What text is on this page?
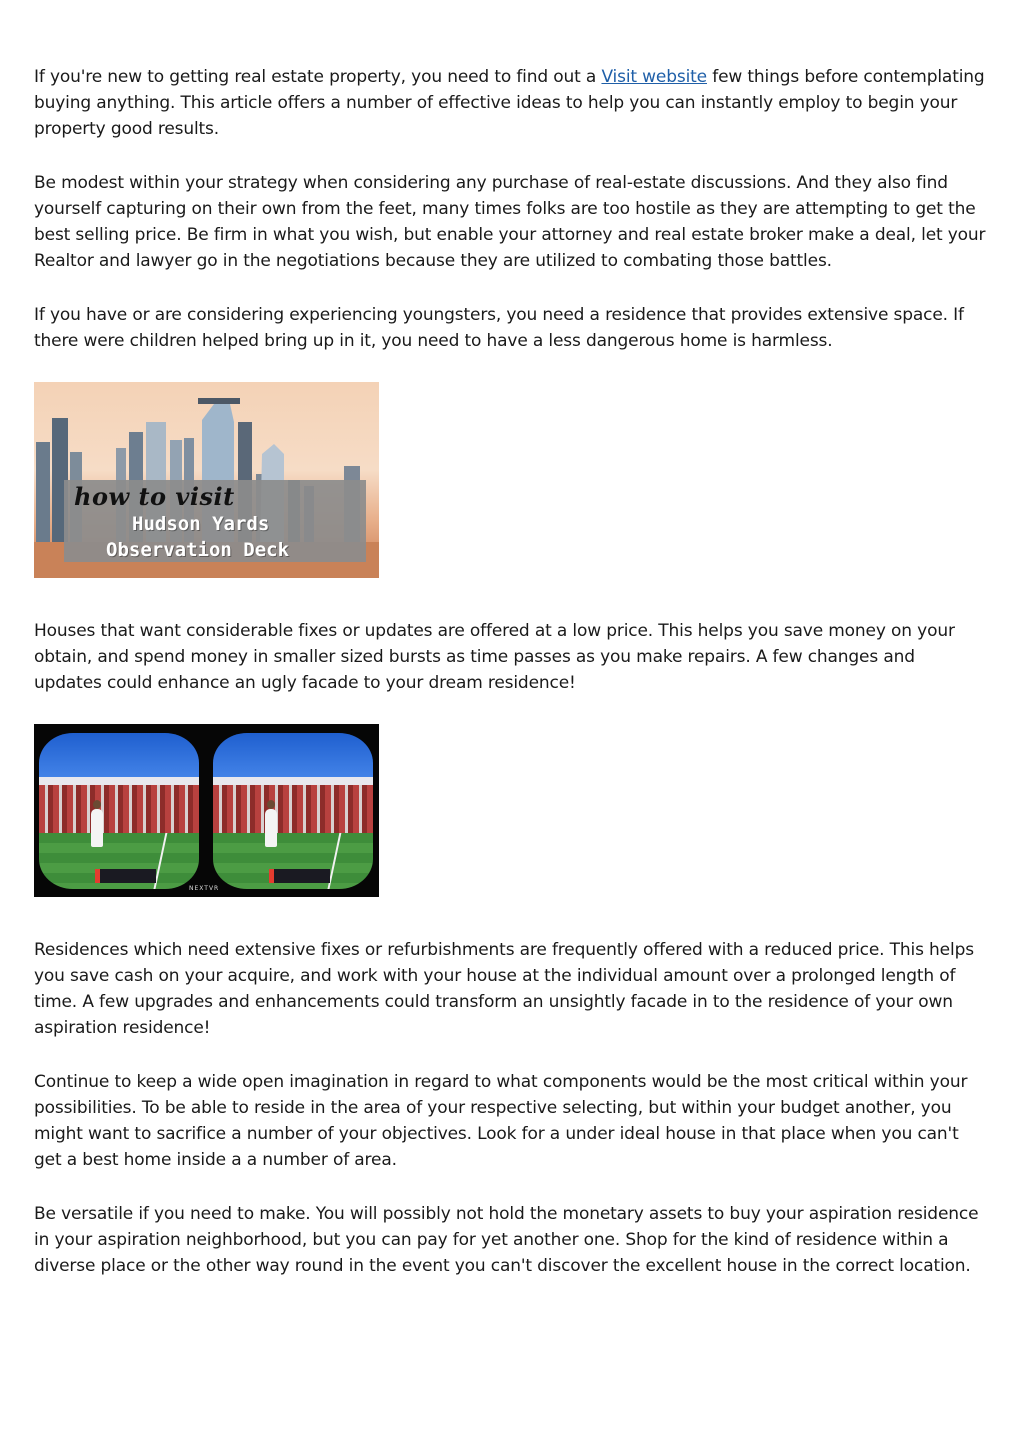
If you're new to getting real estate property, you need to find out a Visit website few things before contemplating buying anything. This article offers a number of effective ideas to help you can instantly employ to begin your property good results.

Be modest within your strategy when considering any purchase of real-estate discussions. And they also find yourself capturing on their own from the feet, many times folks are too hostile as they are attempting to get the best selling price. Be firm in what you wish, but enable your attorney and real estate broker make a deal, let your Realtor and lawyer go in the negotiations because they are utilized to combating those battles.

If you have or are considering experiencing youngsters, you need a residence that provides extensive space. If there were children helped bring up in it, you need to have a less dangerous home is harmless.

how to visit
Hudson Yards
Observation Deck

Houses that want considerable fixes or updates are offered at a low price. This helps you save money on your obtain, and spend money in smaller sized bursts as time passes as you make repairs. A few changes and updates could enhance an ugly facade to your dream residence!

NEXTVR

Residences which need extensive fixes or refurbishments are frequently offered with a reduced price. This helps you save cash on your acquire, and work with your house at the individual amount over a prolonged length of time. A few upgrades and enhancements could transform an unsightly facade in to the residence of your own aspiration residence!

Continue to keep a wide open imagination in regard to what components would be the most critical within your possibilities. To be able to reside in the area of your respective selecting, but within your budget another, you might want to sacrifice a number of your objectives. Look for a under ideal house in that place when you can't get a best home inside a a number of area.

Be versatile if you need to make. You will possibly not hold the monetary assets to buy your aspiration residence in your aspiration neighborhood, but you can pay for yet another one. Shop for the kind of residence within a diverse place or the other way round in the event you can't discover the excellent house in the correct location.
